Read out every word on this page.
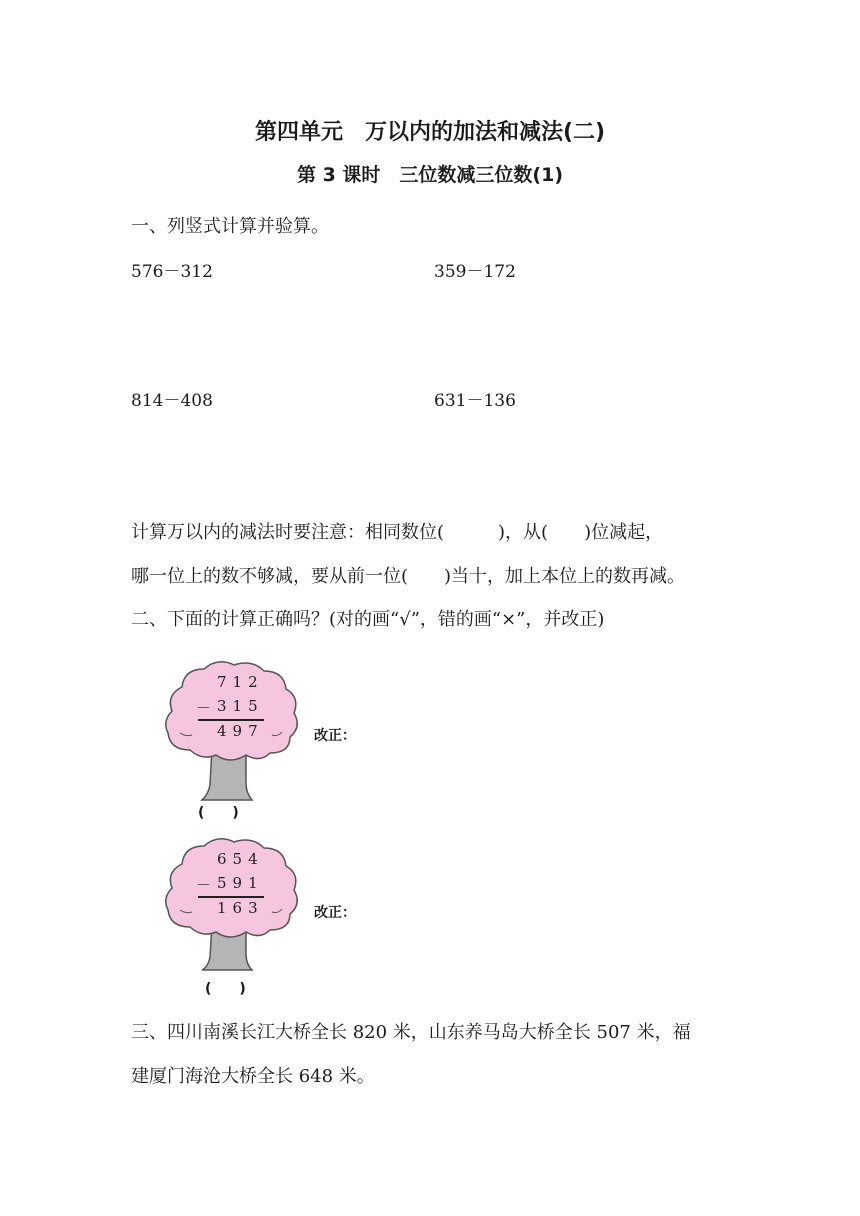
第四单元　万以内的加法和减法(二)
第 3 课时　三位数减三位数(1)
一、列竖式计算并验算。
576－312	359－172
814－408	631－136
计算万以内的减法时要注意：相同数位(　　　)，从(　　)位减起，
哪一位上的数不够减，要从前一位(　　)当十，加上本位上的数再减。
二、下面的计算正确吗？(对的画“√”，错的画“×”，并改正)
712
－ 315
497	改正：
(　　)
654
－ 591
163	改正：
(　　)
三、四川南溪长江大桥全长 820 米，山东养马岛大桥全长 507 米，福
建厦门海沧大桥全长 648 米。
